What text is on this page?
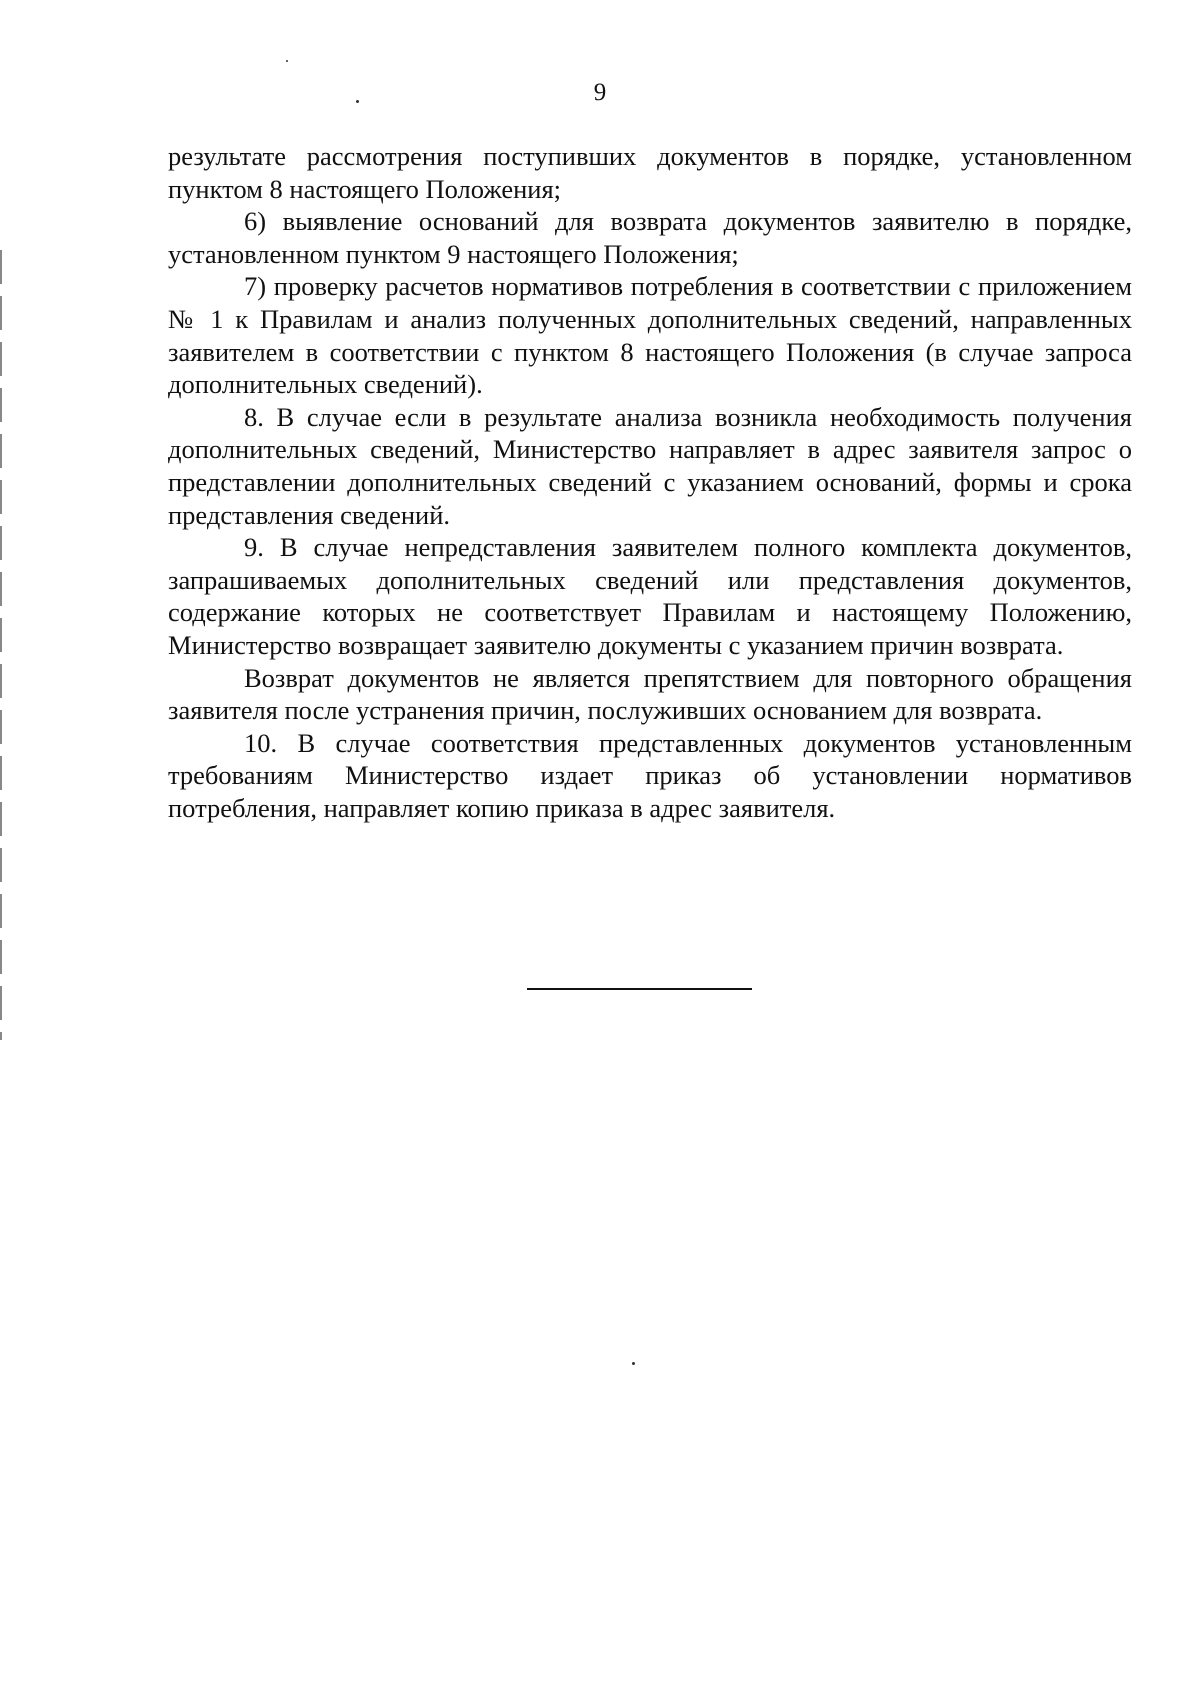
9

результате рассмотрения поступивших документов в порядке, установленном пунктом 8 настоящего Положения;

6) выявление оснований для возврата документов заявителю в порядке, установленном пунктом 9 настоящего Положения;

7) проверку расчетов нормативов потребления в соответствии с приложением № 1 к Правилам и анализ полученных дополнительных сведений, направленных заявителем в соответствии с пунктом 8 настоящего Положения (в случае запроса дополнительных сведений).

8. В случае если в результате анализа возникла необходимость получения дополнительных сведений, Министерство направляет в адрес заявителя запрос о представлении дополнительных сведений с указанием оснований, формы и срока представления сведений.

9. В случае непредставления заявителем полного комплекта документов, запрашиваемых дополнительных сведений или представления документов, содержание которых не соответствует Правилам и настоящему Положению, Министерство возвращает заявителю документы с указанием причин возврата.

Возврат документов не является препятствием для повторного обращения заявителя после устранения причин, послуживших основанием для возврата.

10. В случае соответствия представленных документов установленным требованиям Министерство издает приказ об установлении нормативов потребления, направляет копию приказа в адрес заявителя.
